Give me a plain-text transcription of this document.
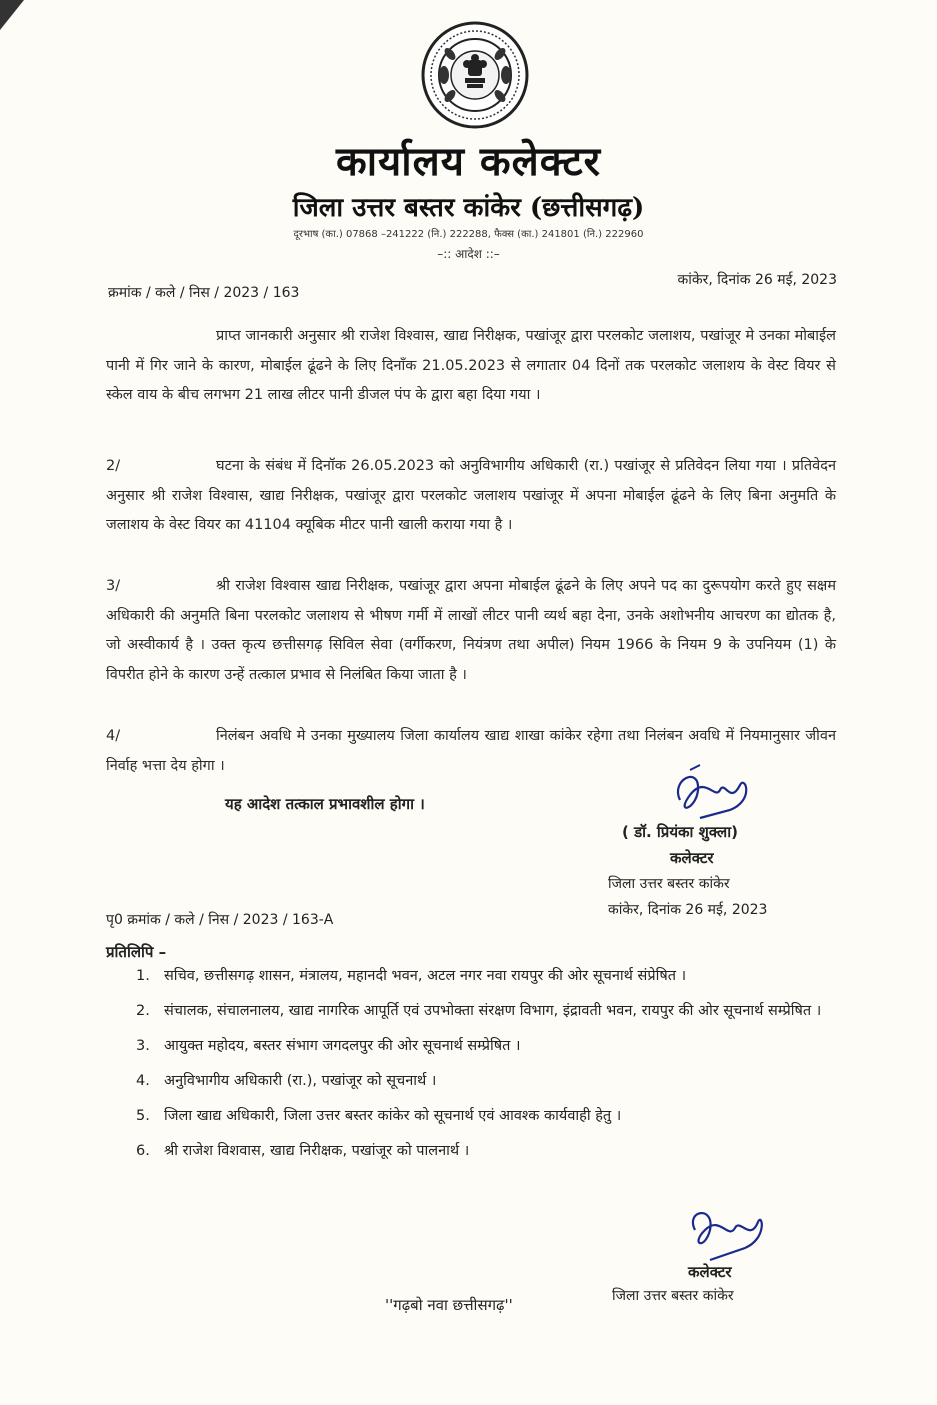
कार्यालय कलेक्टर
जिला उत्तर बस्तर कांकेर (छत्तीसगढ़)
दूरभाष (का.) 07868 –241222 (नि.) 222288, फैक्स (का.) 241801 (नि.) 222960
–:: आदेश ::–
क्रमांक / कले / निस / 2023 / 163
कांकेर, दिनांक 26 मई, 2023
प्राप्त जानकारी अनुसार श्री राजेश विश्वास, खाद्य निरीक्षक, पखांजूर द्वारा परलकोट जलाशय, पखांजूर मे उनका मोबाईल पानी में गिर जाने के कारण, मोबाईल ढूंढने के लिए दिनाँक 21.05.2023 से लगातार 04 दिनों तक परलकोट जलाशय के वेस्ट वियर से स्केल वाय के बीच लगभग 21 लाख लीटर पानी डीजल पंप के द्वारा बहा दिया गया ।
2/	घटना के संबंध में दिनॉक 26.05.2023 को अनुविभागीय अधिकारी (रा.) पखांजूर से प्रतिवेदन लिया गया । प्रतिवेदन अनुसार श्री राजेश विश्वास, खाद्य निरीक्षक, पखांजूर द्वारा परलकोट जलाशय पखांजूर में अपना मोबाईल ढूंढने के लिए बिना अनुमति के जलाशय के वेस्ट वियर का 41104 क्यूबिक मीटर पानी खाली कराया गया है ।
3/	श्री राजेश विश्वास खाद्य निरीक्षक, पखांजूर द्वारा अपना मोबाईल ढूंढने के लिए अपने पद का दुरूपयोग करते हुए सक्षम अधिकारी की अनुमति बिना परलकोट जलाशय से भीषण गर्मी में लाखों लीटर पानी व्यर्थ बहा देना, उनके अशोभनीय आचरण का द्योतक है, जो अस्वीकार्य है । उक्त कृत्य छत्तीसगढ़ सिविल सेवा (वर्गीकरण, नियंत्रण तथा अपील) नियम 1966 के नियम 9 के उपनियम (1) के विपरीत होने के कारण उन्हें तत्काल प्रभाव से निलंबित किया जाता है ।
4/	निलंबन अवधि मे उनका मुख्यालय जिला कार्यालय खाद्य शाखा कांकेर रहेगा तथा निलंबन अवधि में नियमानुसार जीवन निर्वाह भत्ता देय होगा ।
यह आदेश तत्काल प्रभावशील होगा ।
( डॉ. प्रियंका शुक्ला)
कलेक्टर
जिला उत्तर बस्तर कांकेर
कांकेर, दिनांक 26 मई, 2023
पृ0 क्रमांक / कले / निस / 2023 / 163-A
प्रतिलिपि –
1. सचिव, छत्तीसगढ़ शासन, मंत्रालय, महानदी भवन, अटल नगर नवा रायपुर की ओर सूचनार्थ संप्रेषित ।
2. संचालक, संचालनालय, खाद्य नागरिक आपूर्ति एवं उपभोक्ता संरक्षण विभाग, इंद्रावती भवन, रायपुर की ओर सूचनार्थ सम्प्रेषित ।
3. आयुक्त महोदय, बस्तर संभाग जगदलपुर की ओर सूचनार्थ सम्प्रेषित ।
4. अनुविभागीय अधिकारी (रा.), पखांजूर को सूचनार्थ ।
5. जिला खाद्य अधिकारी, जिला उत्तर बस्तर कांकेर को सूचनार्थ एवं आवश्क कार्यवाही हेतु ।
6. श्री राजेश विशवास, खाद्य निरीक्षक, पखांजूर को पालनार्थ ।
कलेक्टर
जिला उत्तर बस्तर कांकेर
''गढ़बो नवा छत्तीसगढ़''
